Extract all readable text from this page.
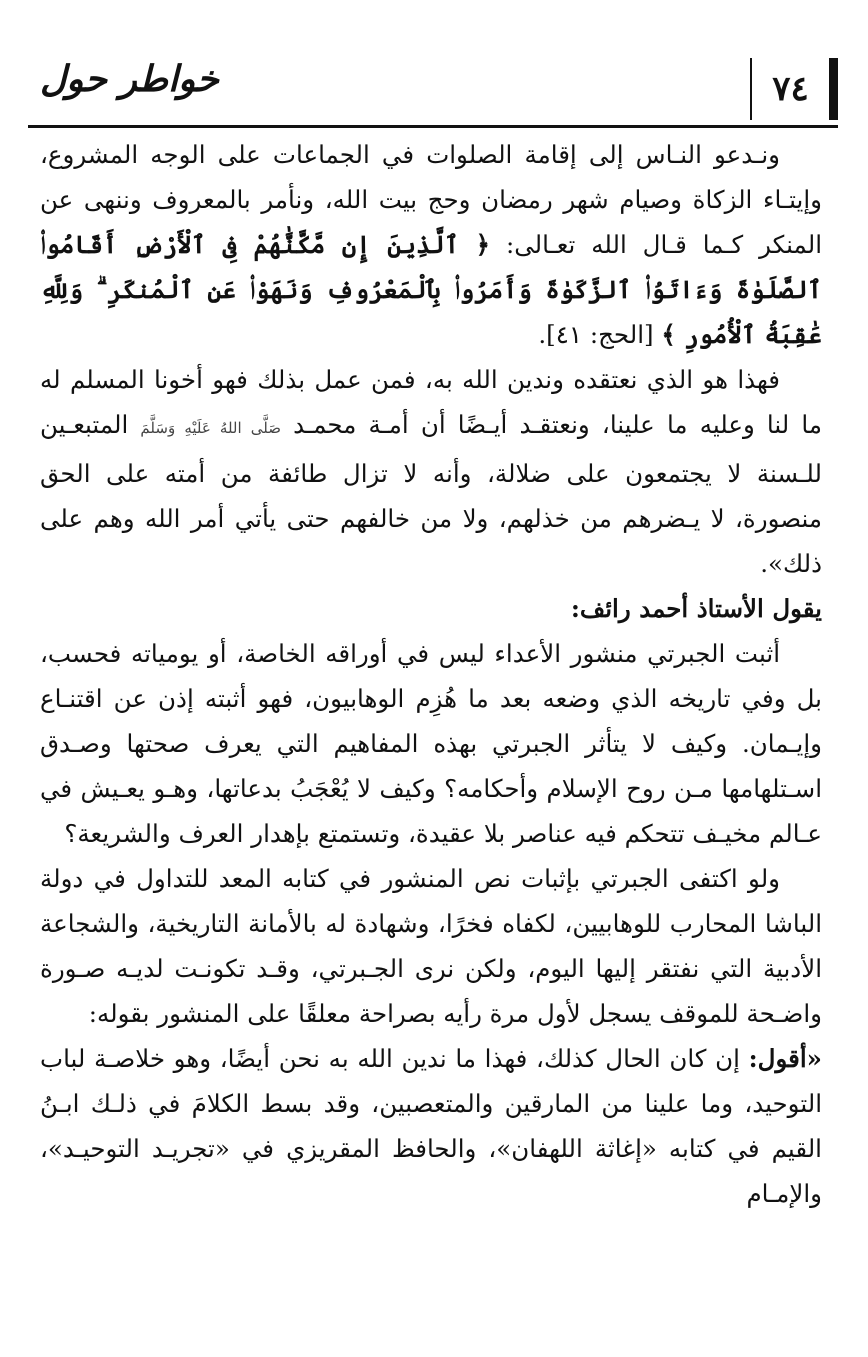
٧٤
خواطر حول

ونـدعو النـاس إلى إقامة الصلوات في الجماعات على الوجه المشروع، وإيتـاء الزكاة وصيام شهر رمضان وحج بيت الله، ونأمر بالمعروف وننهى عن المنكر كـما قـال الله تعـالى: ﴿ ٱلَّذِينَ إِن مَّكَّنَّٰهُمْ فِى ٱلْأَرْضِ أَقَامُوا۟ ٱلصَّلَوٰةَ وَءَاتَوُا۟ ٱلزَّكَوٰةَ وَأَمَرُوا۟ بِٱلْمَعْرُوفِ وَنَهَوْا۟ عَنِ ٱلْمُنكَرِ ۗ وَلِلَّهِ عَٰقِبَةُ ٱلْأُمُورِ ﴾ [الحج: ٤١].

فهذا هو الذي نعتقده وندين الله به، فمن عمل بذلك فهو أخونا المسلم له ما لنا وعليه ما علينا، ونعتقـد أيـضًا أن أمـة محمـد صَلَّى اللهُ عَلَيْهِ وَسَلَّمَ المتبعـين للـسنة لا يجتمعون على ضلالة، وأنه لا تزال طائفة من أمته على الحق منصورة، لا يـضرهم من خذلهم، ولا من خالفهم حتى يأتي أمر الله وهم على ذلك».

يقول الأستاذ أحمد رائف:

أثبت الجبرتي منشور الأعداء ليس في أوراقه الخاصة، أو يومياته فحسب، بل وفي تاريخه الذي وضعه بعد ما هُزِم الوهابيون، فهو أثبته إذن عن اقتنـاع وإيـمان. وكيف لا يتأثر الجبرتي بهذه المفاهيم التي يعرف صحتها وصـدق اسـتلهامها مـن روح الإسلام وأحكامه؟ وكيف لا يُعْجَبُ بدعاتها، وهـو يعـيش في عـالم مخيـف تتحكم فيه عناصر بلا عقيدة، وتستمتع بإهدار العرف والشريعة؟

ولو اكتفى الجبرتي بإثبات نص المنشور في كتابه المعد للتداول في دولة الباشا المحارب للوهابيين، لكفاه فخرًا، وشهادة له بالأمانة التاريخية، والشجاعة الأدبية التي نفتقر إليها اليوم، ولكن نرى الجـبرتي، وقـد تكونـت لديـه صـورة واضـحة للموقف يسجل لأول مرة رأيه بصراحة معلقًا على المنشور بقوله:

«أقول: إن كان الحال كذلك، فهذا ما ندين الله به نحن أيضًا، وهو خلاصـة لباب التوحيد، وما علينا من المارقين والمتعصبين، وقد بسط الكلامَ في ذلـك ابـنُ القيم في كتابه «إغاثة اللهفان»، والحافظ المقريزي في «تجريـد التوحيـد»، والإمـام
